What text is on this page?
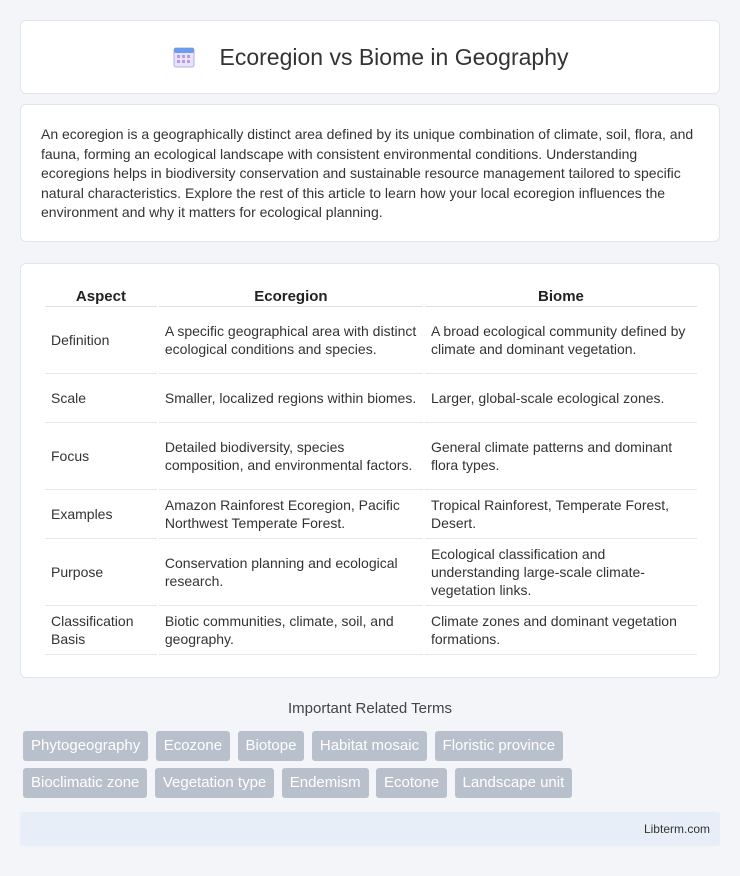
Ecoregion vs Biome in Geography

An ecoregion is a geographically distinct area defined by its unique combination of climate, soil, flora, and fauna, forming an ecological landscape with consistent environmental conditions. Understanding ecoregions helps in biodiversity conservation and sustainable resource management tailored to specific natural characteristics. Explore the rest of this article to learn how your local ecoregion influences the environment and why it matters for ecological planning.

Aspect	Ecoregion	Biome
Definition	A specific geographical area with distinct ecological conditions and species.	A broad ecological community defined by climate and dominant vegetation.
Scale	Smaller, localized regions within biomes.	Larger, global-scale ecological zones.
Focus	Detailed biodiversity, species composition, and environmental factors.	General climate patterns and dominant flora types.
Examples	Amazon Rainforest Ecoregion, Pacific Northwest Temperate Forest.	Tropical Rainforest, Temperate Forest, Desert.
Purpose	Conservation planning and ecological research.	Ecological classification and understanding large-scale climate-vegetation links.
Classification Basis	Biotic communities, climate, soil, and geography.	Climate zones and dominant vegetation formations.
Important Related Terms
Phytogeography Ecozone Biotope Habitat mosaic Floristic province
Bioclimatic zone Vegetation type Endemism Ecotone Landscape unit
Libterm.com
